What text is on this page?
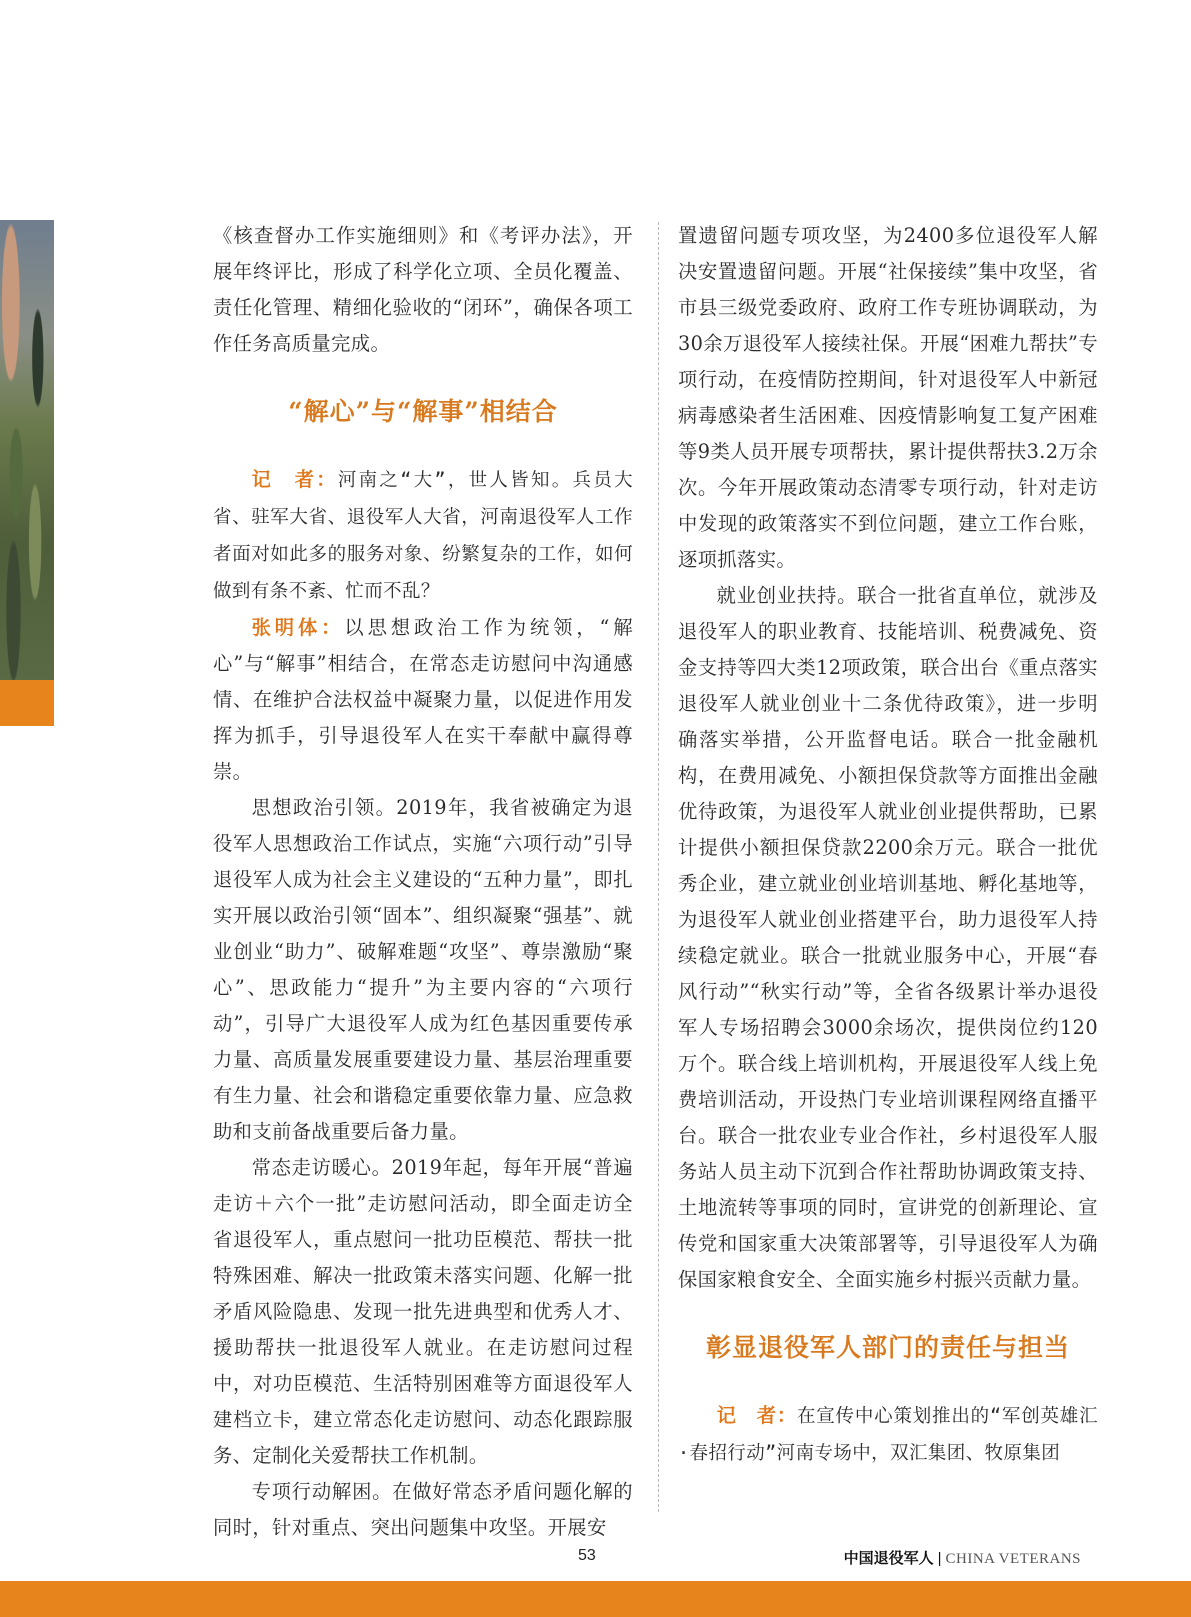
《核查督办工作实施细则》和《考评办法》，开展年终评比，形成了科学化立项、全员化覆盖、责任化管理、精细化验收的“闭环”，确保各项工作任务高质量完成。

“解心”与“解事”相结合

记　者：河南之“大”，世人皆知。兵员大省、驻军大省、退役军人大省，河南退役军人工作者面对如此多的服务对象、纷繁复杂的工作，如何做到有条不紊、忙而不乱？

张明体：以思想政治工作为统领，“解心”与“解事”相结合，在常态走访慰问中沟通感情、在维护合法权益中凝聚力量，以促进作用发挥为抓手，引导退役军人在实干奉献中赢得尊崇。

思想政治引领。2019年，我省被确定为退役军人思想政治工作试点，实施“六项行动”引导退役军人成为社会主义建设的“五种力量”，即扎实开展以政治引领“固本”、组织凝聚“强基”、就业创业“助力”、破解难题“攻坚”、尊崇激励“聚心”、思政能力“提升”为主要内容的“六项行动”，引导广大退役军人成为红色基因重要传承力量、高质量发展重要建设力量、基层治理重要有生力量、社会和谐稳定重要依靠力量、应急救助和支前备战重要后备力量。

常态走访暖心。2019年起，每年开展“普遍走访＋六个一批”走访慰问活动，即全面走访全省退役军人，重点慰问一批功臣模范、帮扶一批特殊困难、解决一批政策未落实问题、化解一批矛盾风险隐患、发现一批先进典型和优秀人才、援助帮扶一批退役军人就业。在走访慰问过程中，对功臣模范、生活特别困难等方面退役军人建档立卡，建立常态化走访慰问、动态化跟踪服务、定制化关爱帮扶工作机制。

专项行动解困。在做好常态矛盾问题化解的同时，针对重点、突出问题集中攻坚。开展安

置遗留问题专项攻坚，为2400多位退役军人解决安置遗留问题。开展“社保接续”集中攻坚，省市县三级党委政府、政府工作专班协调联动，为30余万退役军人接续社保。开展“困难九帮扶”专项行动，在疫情防控期间，针对退役军人中新冠病毒感染者生活困难、因疫情影响复工复产困难等9类人员开展专项帮扶，累计提供帮扶3.2万余次。今年开展政策动态清零专项行动，针对走访中发现的政策落实不到位问题，建立工作台账，逐项抓落实。

就业创业扶持。联合一批省直单位，就涉及退役军人的职业教育、技能培训、税费减免、资金支持等四大类12项政策，联合出台《重点落实退役军人就业创业十二条优待政策》，进一步明确落实举措，公开监督电话。联合一批金融机构，在费用减免、小额担保贷款等方面推出金融优待政策，为退役军人就业创业提供帮助，已累计提供小额担保贷款2200余万元。联合一批优秀企业，建立就业创业培训基地、孵化基地等，为退役军人就业创业搭建平台，助力退役军人持续稳定就业。联合一批就业服务中心，开展“春风行动”“秋实行动”等，全省各级累计举办退役军人专场招聘会3000余场次，提供岗位约120万个。联合线上培训机构，开展退役军人线上免费培训活动，开设热门专业培训课程网络直播平台。联合一批农业专业合作社，乡村退役军人服务站人员主动下沉到合作社帮助协调政策支持、土地流转等事项的同时，宣讲党的创新理论、宣传党和国家重大决策部署等，引导退役军人为确保国家粮食安全、全面实施乡村振兴贡献力量。

彰显退役军人部门的责任与担当

记　者：在宣传中心策划推出的“军创英雄汇·春招行动”河南专场中，双汇集团、牧原集团

53	中国退役军人 | CHINA VETERANS
